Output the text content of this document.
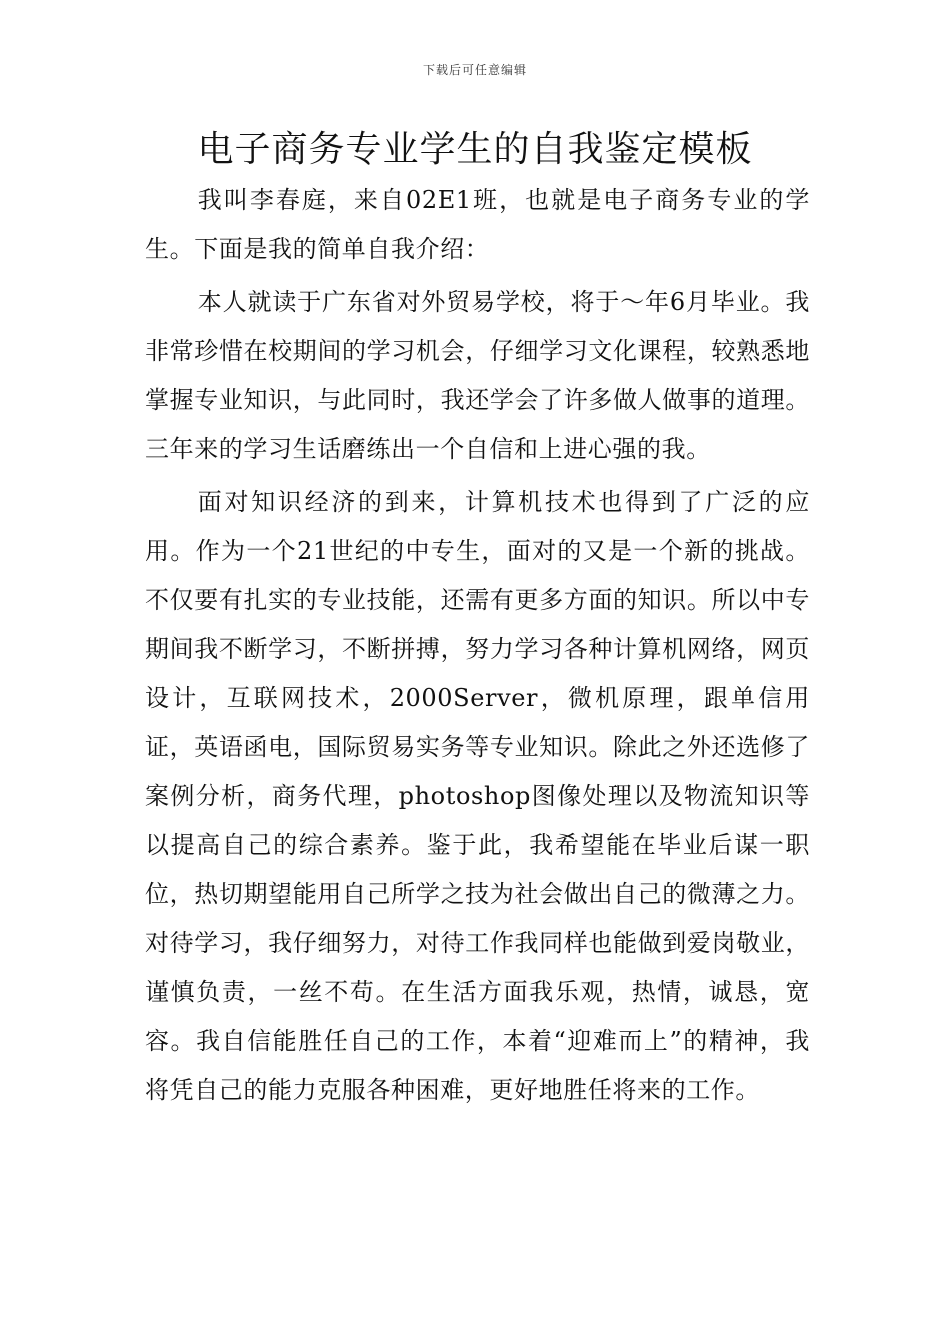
下载后可任意编辑
电子商务专业学生的自我鉴定模板

我叫李春庭，来自02E1班，也就是电子商务专业的学生。下面是我的简单自我介绍：

本人就读于广东省对外贸易学校，将于～年6月毕业。我非常珍惜在校期间的学习机会，仔细学习文化课程，较熟悉地掌握专业知识，与此同时，我还学会了许多做人做事的道理。三年来的学习生话磨练出一个自信和上进心强的我。

面对知识经济的到来，计算机技术也得到了广泛的应用。作为一个21世纪的中专生，面对的又是一个新的挑战。不仅要有扎实的专业技能，还需有更多方面的知识。所以中专期间我不断学习，不断拼搏，努力学习各种计算机网络，网页设计，互联网技术，2000Server，微机原理，跟单信用证，英语函电，国际贸易实务等专业知识。除此之外还选修了案例分析，商务代理，photoshop图像处理以及物流知识等以提高自己的综合素养。鉴于此，我希望能在毕业后谋一职位，热切期望能用自己所学之技为社会做出自己的微薄之力。对待学习，我仔细努力，对待工作我同样也能做到爱岗敬业，谨慎负责，一丝不苟。在生活方面我乐观，热情，诚恳，宽容。我自信能胜任自己的工作，本着“迎难而上”的精神，我将凭自己的能力克服各种困难，更好地胜任将来的工作。
